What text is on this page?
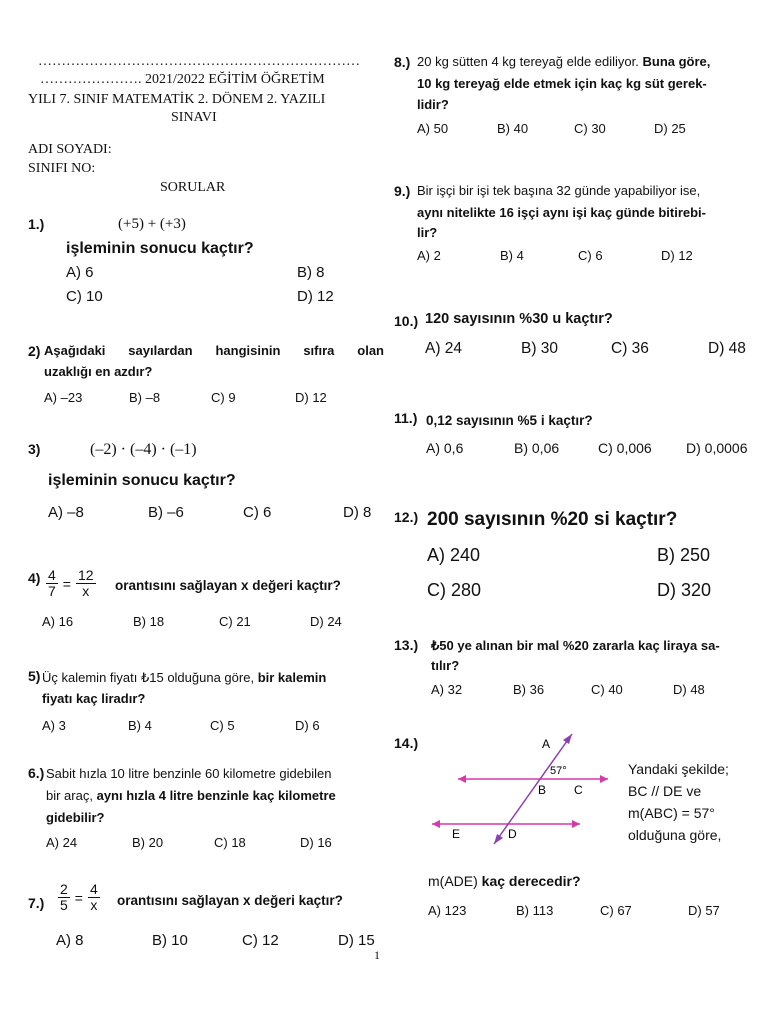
……………………………………………………………
…………………. 2021/2022 EĞİTİM ÖĞRETİM
YILI 7. SINIF MATEMATİK 2. DÖNEM 2. YAZILI
SINAVI
ADI SOYADI:
SINIFI NO:
SORULAR
1.)	(+5) + (+3)
işleminin sonucu kaçtır?
A) 6	B) 8
C) 10	D) 12
2) Aşağıdaki sayılardan hangisinin sıfıra olan
uzaklığı en azdır?
A) –23	B) –8	C) 9	D) 12
3)	(–2) · (–4) · (–1)
işleminin sonucu kaçtır?
A) –8	B) –6	C) 6	D) 8
$4) \frac{4}{7} = \frac{12}{x}$ orantısını sağlayan x değeri kaçtır?
A) 16	B) 18	C) 21	D) 24
5) Üç kalemin fiyatı ₺15 olduğuna göre, bir kalemin
fiyatı kaç liradır?
A) 3	B) 4	C) 5	D) 6
6.) Sabit hızla 10 litre benzinle 60 kilometre gidebilen
bir araç, aynı hızla 4 litre benzinle kaç kilometre
gidebilir?
A) 24	B) 20	C) 18	D) 16
$7.) \frac{2}{5} = \frac{4}{x}$ orantısını sağlayan x değeri kaçtır?
A) 8	B) 10	C) 12	D) 15
8.) 20 kg sütten 4 kg tereyağ elde ediliyor. Buna göre,
10 kg tereyağ elde etmek için kaç kg süt gerek-
lidir?
A) 50	B) 40	C) 30	D) 25
9.) Bir işçi bir işi tek başına 32 günde yapabiliyor ise,
aynı nitelikte 16 işçi aynı işi kaç günde bitirebi-
lir?
A) 2	B) 4	C) 6	D) 12
10.) 120 sayısının %30 u kaçtır?
A) 24	B) 30	C) 36	D) 48
11.) 0,12 sayısının %5 i kaçtır?
A) 0,6	B) 0,06	C) 0,006 D) 0,0006
12.) 200 sayısının %20 si kaçtır?
A) 240	B) 250
C) 280	D) 320
13.) ₺50 ye alınan bir mal %20 zararla kaç liraya sa-
tılır?
A) 32	B) 36	C) 40	D) 48
14.)	A
57°
B C
E	D
Yandaki şekilde;
BC // DE ve
m(ABC) = 57°
olduğuna göre,
m(ADE) kaç derecedir?
A) 123	B) 113	C) 67	D) 57
1
